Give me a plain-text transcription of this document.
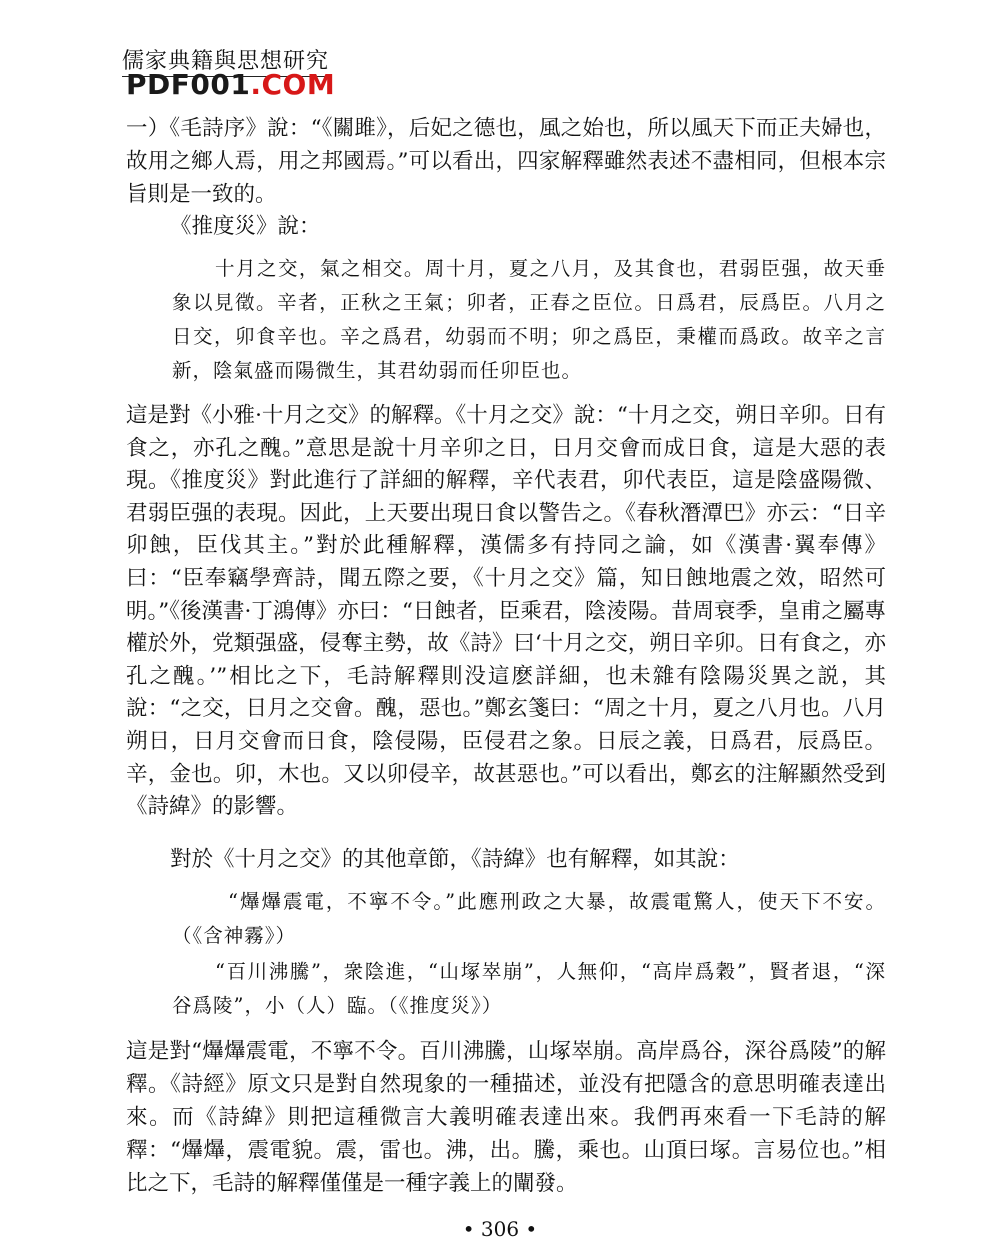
儒家典籍與思想研究
PDF001.COM

一）《毛詩序》說：“《關雎》，后妃之德也，風之始也，所以風天下而正夫婦也，故用之鄉人焉，用之邦國焉。”可以看出，四家解釋雖然表述不盡相同，但根本宗旨則是一致的。

《推度災》說：

十月之交，氣之相交。周十月，夏之八月，及其食也，君弱臣强，故天垂象以見徵。辛者，正秋之王氣；卯者，正春之臣位。日爲君，辰爲臣。八月之日交，卯食辛也。辛之爲君，幼弱而不明；卯之爲臣，秉權而爲政。故辛之言新，陰氣盛而陽微生，其君幼弱而任卯臣也。

這是對《小雅·十月之交》的解釋。《十月之交》說：“十月之交，朔日辛卯。日有食之，亦孔之醜。”意思是說十月辛卯之日，日月交會而成日食，這是大惡的表現。《推度災》對此進行了詳細的解釋，辛代表君，卯代表臣，這是陰盛陽微、君弱臣强的表現。因此，上天要出現日食以警告之。《春秋潛潭巴》亦云：“日辛卯蝕，臣伐其主。”對於此種解釋，漢儒多有持同之論，如《漢書·翼奉傳》曰：“臣奉竊學齊詩，聞五際之要，《十月之交》篇，知日蝕地震之效，昭然可明。”《後漢書·丁鴻傳》亦曰：“日蝕者，臣乘君，陰淩陽。昔周衰季，皇甫之屬專權於外，党類强盛，侵奪主勢，故《詩》曰‘十月之交，朔日辛卯。日有食之，亦孔之醜。’”相比之下，毛詩解釋則没這麽詳細，也未雜有陰陽災異之説，其說：“之交，日月之交會。醜，惡也。”鄭玄箋曰：“周之十月，夏之八月也。八月朔日，日月交會而日食，陰侵陽，臣侵君之象。日辰之義，日爲君，辰爲臣。辛，金也。卯，木也。又以卯侵辛，故甚惡也。”可以看出，鄭玄的注解顯然受到《詩緯》的影響。

對於《十月之交》的其他章節，《詩緯》也有解釋，如其說：

“爗爗震電，不寧不令。”此應刑政之大暴，故震電驚人，使天下不安。（《含神霧》）

“百川沸騰”，衆陰進，“山塚崒崩”，人無仰，“高岸爲穀”，賢者退，“深谷爲陵”，小（人）臨。（《推度災》）

這是對“爗爗震電，不寧不令。百川沸騰，山塚崒崩。高岸爲谷，深谷爲陵”的解釋。《詩經》原文只是對自然現象的一種描述，並没有把隱含的意思明確表達出來。而《詩緯》則把這種微言大義明確表達出來。我們再來看一下毛詩的解釋：“爗爗，震電貌。震，雷也。沸，出。騰，乘也。山頂曰塚。言易位也。”相比之下，毛詩的解釋僅僅是一種字義上的闡發。

• 306 •
